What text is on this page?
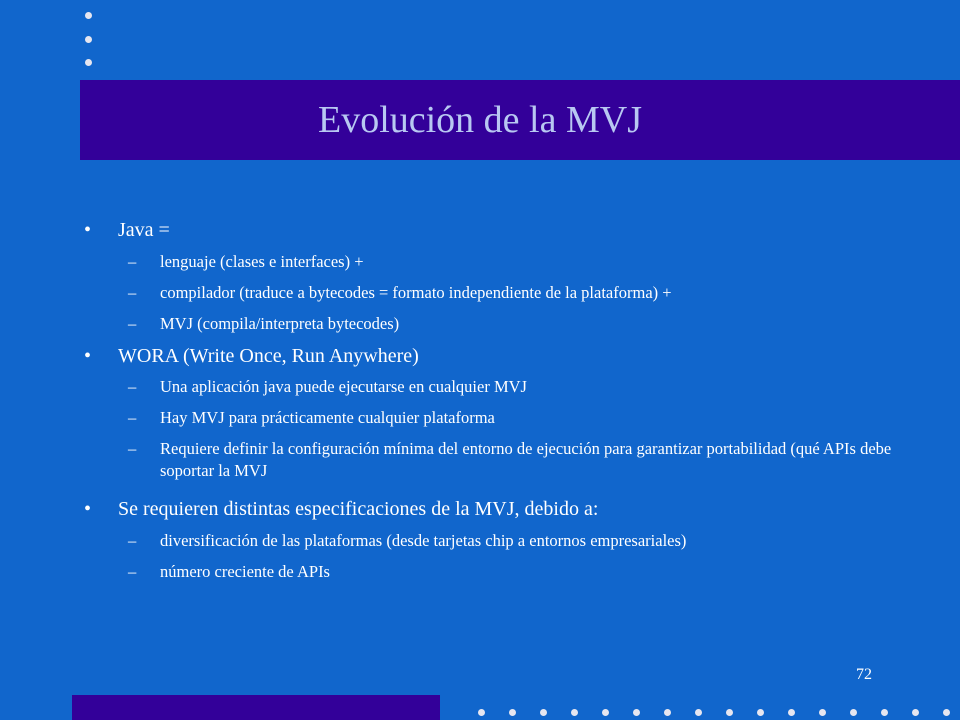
Evolución de la MVJ
• Java =
– lenguaje (clases e interfaces) +
– compilador (traduce a bytecodes = formato independiente de la plataforma) +
– MVJ (compila/interpreta bytecodes)
• WORA (Write Once, Run Anywhere)
– Una aplicación java puede ejecutarse en cualquier MVJ
– Hay MVJ para prácticamente cualquier plataforma
– Requiere definir la configuración mínima del entorno de ejecución para garantizar portabilidad (qué APIs debe soportar la MVJ
• Se requieren distintas especificaciones de la MVJ, debido a:
– diversificación de las plataformas (desde tarjetas chip a entornos empresariales)
– número creciente de APIs
72
